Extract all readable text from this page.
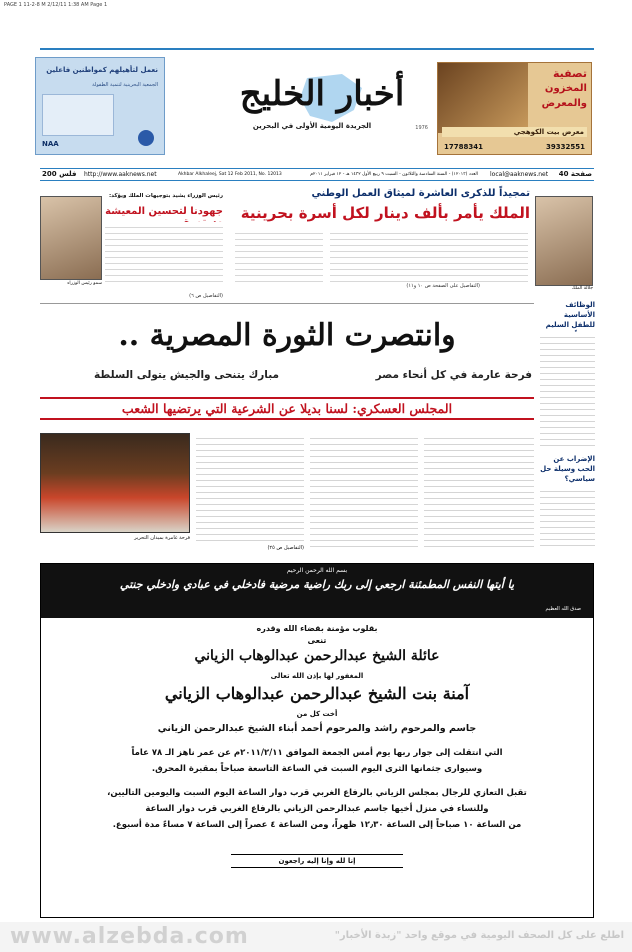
PAGE 1 11-2-8 M 2/12/11 1:38 AM Page 1
نعمل لتأهيلهم كمواطنين فاعلين
الجمعية البحرينية لتنمية الطفولة
NAA
أخبار الخليج
الجريدة اليومية الأولى في البحرين	1976
تصفية
المخزون
والمعرض
معرض بيت الكوهجي
17788341	39332551
200 فلس http://www.aaknews.net	Akhbar Alkhaleej, Sat 12 Feb 2011, No. 12013	العدد (١٢٠١٣) - السنة السادسة والثلاثون - السبت ٩ ربيع الأول ١٤٣٢ هـ - ١٢ فبراير ٢٠١١م local@aaknews.net 40 صفحة
تمجيداً للذكرى العاشرة لميثاق العمل الوطني
الملك يأمر بألف دينار لكل أسرة بحرينية
جلالة الملك
(التفاصيل على الصفحة ص ١٠ و١١)
رئيس الوزراء يشيد بتوجيهات الملك ويؤكد:
جهودنا لتحسين المعيشة
سمو رئيس الوزراء
(التفاصيل ص ٦)
وانتصرت الثورة المصرية ..
فرحة عارمة في كل أنحاء مصر
مبارك يتنحى والجيش يتولى السلطة
المجلس العسكري: لسنا بديلا عن الشرعية التي يرتضيها الشعب
فرحة غامرة بميدان التحرير
(التفاصيل ص ٢٥)
الوظائف الأساسية للطفل السليم
الإضراب عن الحب وسيلة حل سياسي؟
بسم الله الرحمن الرحيم
يا أيتها النفس المطمئنة ارجعي إلى ربك راضية مرضية فادخلي في عبادي وادخلي جنتي
صدق الله العظيم
بقلوب مؤمنة بقضاء الله وقدره
تنعى
عائلة الشيخ عبدالرحمن عبدالوهاب الزياني
المغفور لها بإذن الله تعالى
آمنة بنت الشيخ عبدالرحمن عبدالوهاب الزياني
أخت كل من
جاسم والمرحوم راشد والمرحوم أحمد أبناء الشيخ عبدالرحمن الزياني
التي انتقلت إلى جوار ربها يوم أمس الجمعة الموافق ٢٠١١/٢/١١م عن عمر ناهز الـ ٧٨ عاماً
وسيوارى جثمانها الثرى اليوم السبت في الساعة التاسعة صباحاً بمقبرة المحرق.
تقبل التعازي للرجال بمجلس الزياني بالرفاع الغربي قرب دوار الساعة اليوم السبت واليومين التاليين،
وللنساء في منزل أخيها جاسم عبدالرحمن الزياني بالرفاع الغربي قرب دوار الساعة
من الساعة ١٠ صباحاً إلى الساعة ١٢٫٣٠ ظهراً، ومن الساعة ٤ عصراً إلى الساعة ٧ مساءً مدة أسبوع.
إنا لله وإنا إليه راجعون
www.alzebda.com	اطلع على كل الصحف اليومية في موقع واحد "زبدة الأخبار"
